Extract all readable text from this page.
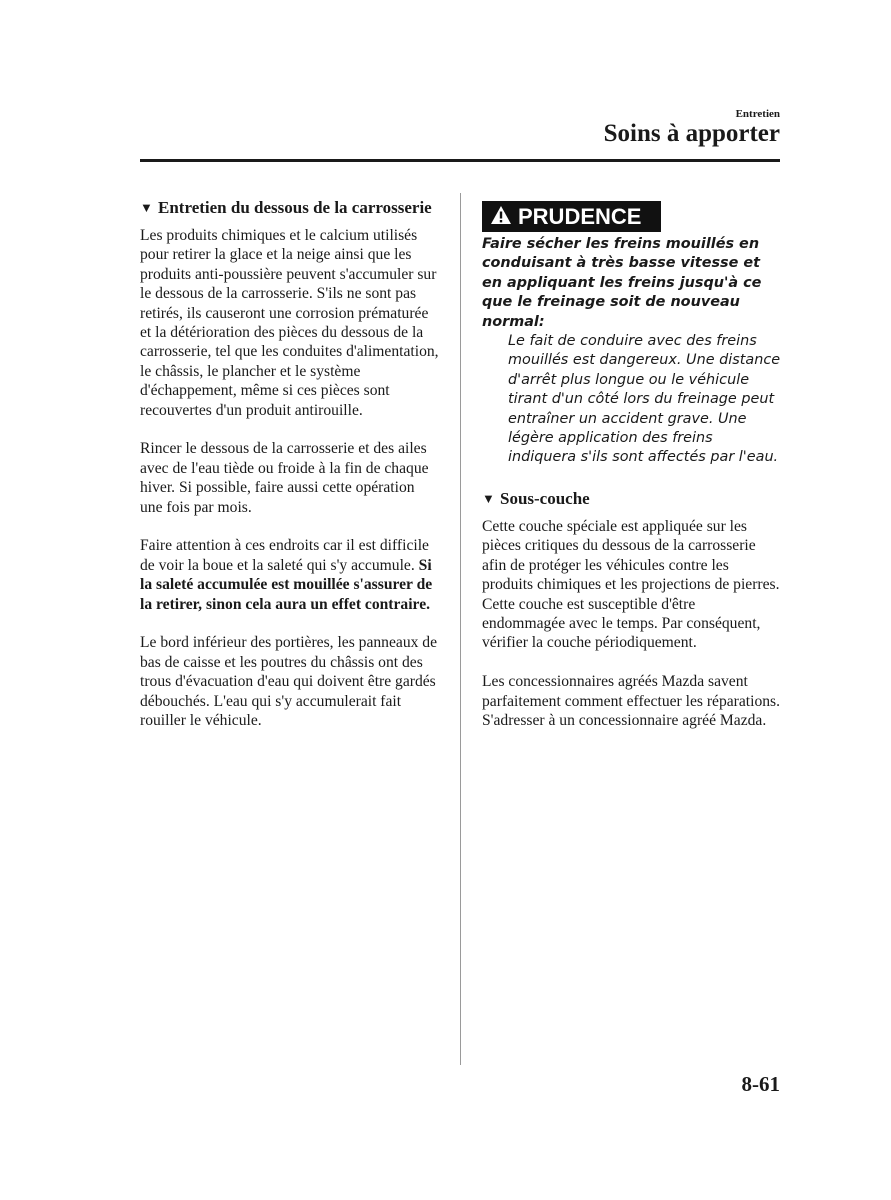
Entretien
Soins à apporter
▼ Entretien du dessous de la carrosserie

Les produits chimiques et le calcium utilisés pour retirer la glace et la neige ainsi que les produits anti-poussière peuvent s'accumuler sur le dessous de la carrosserie. S'ils ne sont pas retirés, ils causeront une corrosion prématurée et la détérioration des pièces du dessous de la carrosserie, tel que les conduites d'alimentation, le châssis, le plancher et le système d'échappement, même si ces pièces sont recouvertes d'un produit antirouille.

Rincer le dessous de la carrosserie et des ailes avec de l'eau tiède ou froide à la fin de chaque hiver. Si possible, faire aussi cette opération une fois par mois.

Faire attention à ces endroits car il est difficile de voir la boue et la saleté qui s'y accumule. Si la saleté accumulée est mouillée s'assurer de la retirer, sinon cela aura un effet contraire.

Le bord inférieur des portières, les panneaux de bas de caisse et les poutres du châssis ont des trous d'évacuation d'eau qui doivent être gardés débouchés. L'eau qui s'y accumulerait fait rouiller le véhicule.

PRUDENCE

Faire sécher les freins mouillés en conduisant à très basse vitesse et en appliquant les freins jusqu'à ce que le freinage soit de nouveau normal:

Le fait de conduire avec des freins mouillés est dangereux. Une distance d'arrêt plus longue ou le véhicule tirant d'un côté lors du freinage peut entraîner un accident grave. Une légère application des freins indiquera s'ils sont affectés par l'eau.

▼ Sous-couche

Cette couche spéciale est appliquée sur les pièces critiques du dessous de la carrosserie afin de protéger les véhicules contre les produits chimiques et les projections de pierres. Cette couche est susceptible d'être endommagée avec le temps. Par conséquent, vérifier la couche périodiquement.

Les concessionnaires agréés Mazda savent parfaitement comment effectuer les réparations. S'adresser à un concessionnaire agréé Mazda.

8-61
